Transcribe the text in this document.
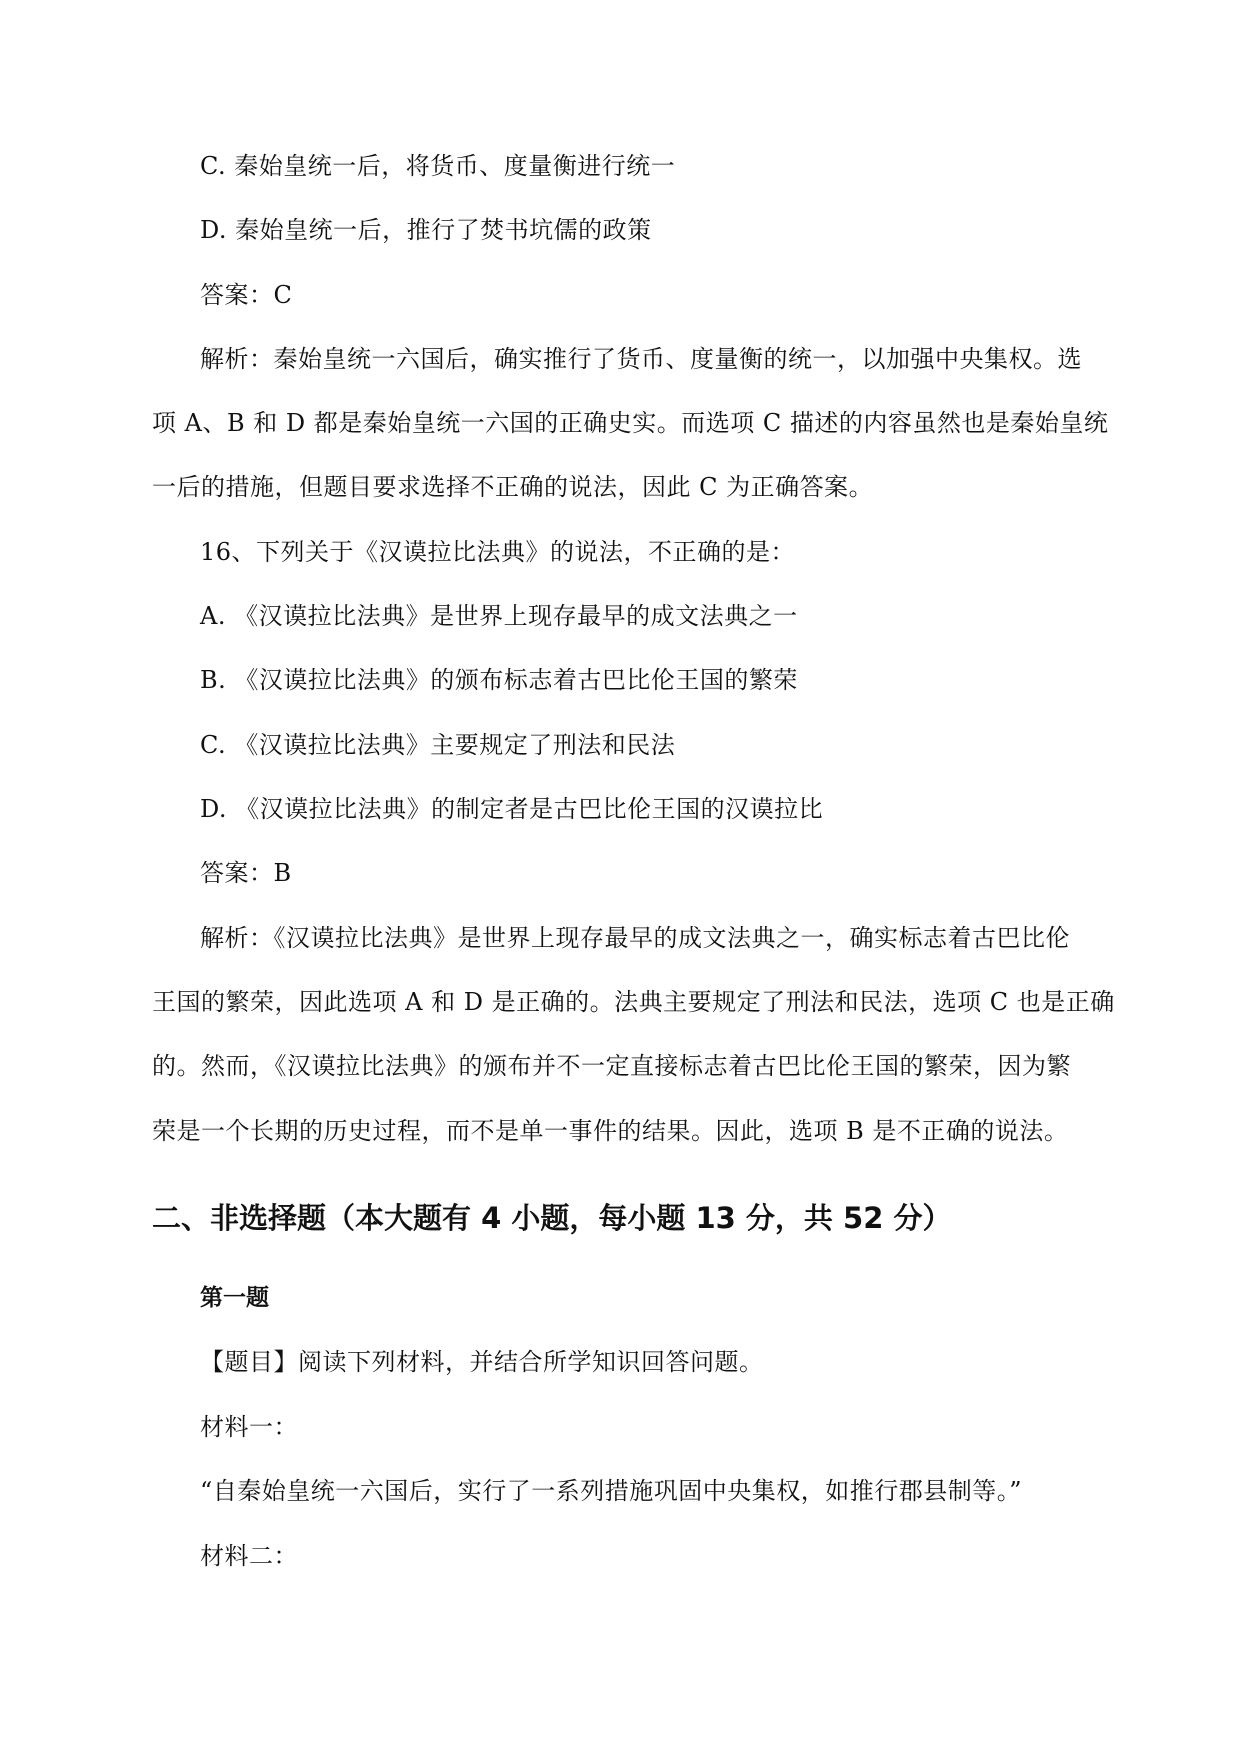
C. 秦始皇统一后，将货币、度量衡进行统一
D. 秦始皇统一后，推行了焚书坑儒的政策
答案：C
解析：秦始皇统一六国后，确实推行了货币、度量衡的统一，以加强中央集权。选
项 A、B 和 D 都是秦始皇统一六国的正确史实。而选项 C 描述的内容虽然也是秦始皇统
一后的措施，但题目要求选择不正确的说法，因此 C 为正确答案。
16、下列关于《汉谟拉比法典》的说法，不正确的是：
A. 《汉谟拉比法典》是世界上现存最早的成文法典之一
B. 《汉谟拉比法典》的颁布标志着古巴比伦王国的繁荣
C. 《汉谟拉比法典》主要规定了刑法和民法
D. 《汉谟拉比法典》的制定者是古巴比伦王国的汉谟拉比
答案：B
解析：《汉谟拉比法典》是世界上现存最早的成文法典之一，确实标志着古巴比伦
王国的繁荣，因此选项 A 和 D 是正确的。法典主要规定了刑法和民法，选项 C 也是正确
的。然而，《汉谟拉比法典》的颁布并不一定直接标志着古巴比伦王国的繁荣，因为繁
荣是一个长期的历史过程，而不是单一事件的结果。因此，选项 B 是不正确的说法。
二、非选择题（本大题有 4 小题，每小题 13 分，共 52 分）
第一题
【题目】阅读下列材料，并结合所学知识回答问题。
材料一：
“自秦始皇统一六国后，实行了一系列措施巩固中央集权，如推行郡县制等。”
材料二：
